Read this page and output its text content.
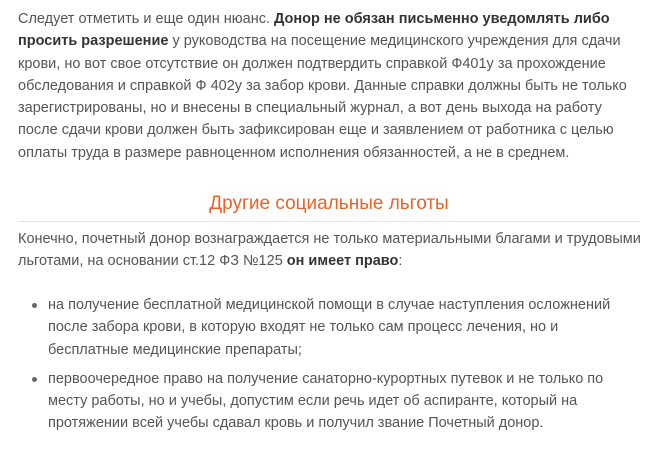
Следует отметить и еще один нюанс. Донор не обязан письменно уведомлять либо просить разрешение у руководства на посещение медицинского учреждения для сдачи крови, но вот свое отсутствие он должен подтвердить справкой Ф401у за прохождение обследования и справкой Ф 402у за забор крови. Данные справки должны быть не только зарегистрированы, но и внесены в специальный журнал, а вот день выхода на работу после сдачи крови должен быть зафиксирован еще и заявлением от работника с целью оплаты труда в размере равноценном исполнения обязанностей, а не в среднем.

Другие социальные льготы

Конечно, почетный донор вознаграждается не только материальными благами и трудовыми льготами, на основании ст.12 ФЗ №125 он имеет право:

на получение бесплатной медицинской помощи в случае наступления осложнений после забора крови, в которую входят не только сам процесс лечения, но и бесплатные медицинские препараты;
первоочередное право на получение санаторно-курортных путевок и не только по месту работы, но и учебы, допустим если речь идет об аспиранте, который на протяжении всей учебы сдавал кровь и получил звание Почетный донор.
